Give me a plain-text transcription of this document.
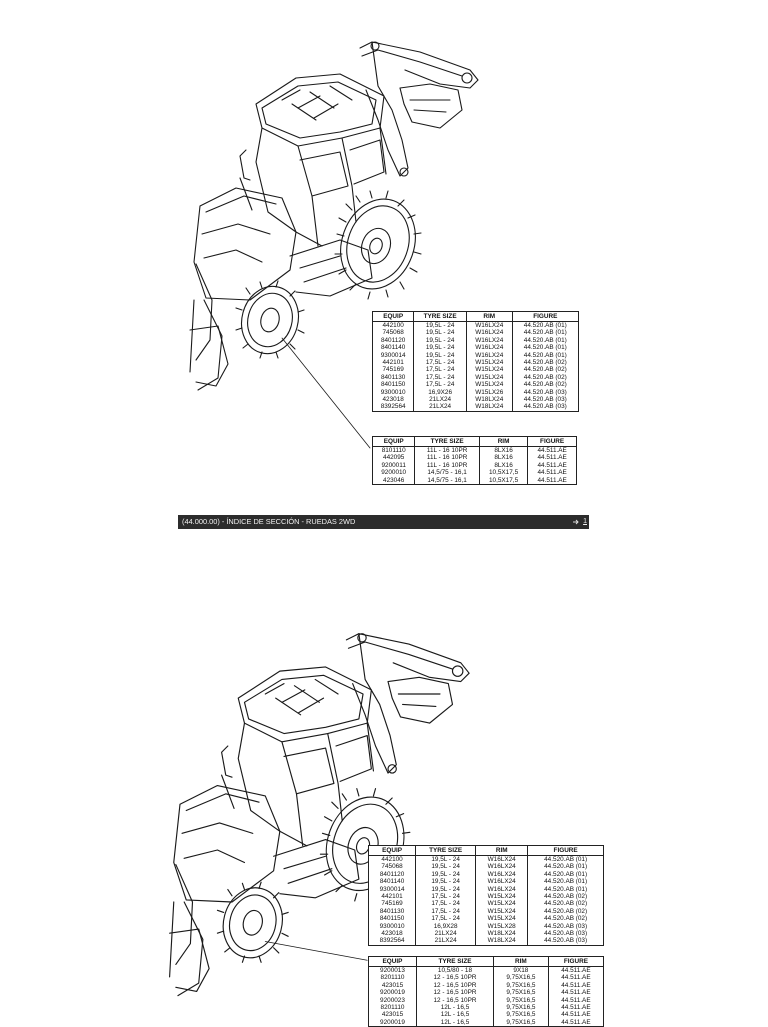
EQUIP	TYRE SIZE	RIM	FIGURE
442100	19,5L - 24	W16LX24	44.520.AB (01)
745068	19,5L - 24	W16LX24	44.520.AB (01)
8401120	19,5L - 24	W16LX24	44.520.AB (01)
8401140	19,5L - 24	W16LX24	44.520.AB (01)
9300014	19,5L - 24	W16LX24	44.520.AB (01)
442101	17,5L - 24	W15LX24	44.520.AB (02)
745169	17,5L - 24	W15LX24	44.520.AB (02)
8401130	17,5L - 24	W15LX24	44.520.AB (02)
8401150	17,5L - 24	W15LX24	44.520.AB (02)
9300010	16,9X26	W15LX26	44.520.AB (03)
423018	21LX24	W18LX24	44.520.AB (03)
8392564	21LX24	W18LX24	44.520.AB (03)
EQUIP	TYRE SIZE	RIM	FIGURE
8101110	11L - 16 10PR	8LX16	44.511.AE
442095	11L - 16 10PR	8LX16	44.511.AE
9200011	11L - 16 10PR	8LX16	44.511.AE
9200010	14,5/75 - 16,1	10,5X17,5	44.511.AE
423046	14,5/75 - 16,1	10,5X17,5	44.511.AE
(44.000.00) - ÍNDICE DE SECCIÓN - RUEDAS 2WD	1
EQUIP	TYRE SIZE	RIM	FIGURE
442100	19,5L - 24	W16LX24	44.520.AB (01)
745068	19,5L - 24	W16LX24	44.520.AB (01)
8401120	19,5L - 24	W16LX24	44.520.AB (01)
8401140	19,5L - 24	W16LX24	44.520.AB (01)
9300014	19,5L - 24	W16LX24	44.520.AB (01)
442101	17,5L - 24	W15LX24	44.520.AB (02)
745169	17,5L - 24	W15LX24	44.520.AB (02)
8401130	17,5L - 24	W15LX24	44.520.AB (02)
8401150	17,5L - 24	W15LX24	44.520.AB (02)
9300010	16,9X28	W15LX28	44.520.AB (03)
423018	21LX24	W18LX24	44.520.AB (03)
8392564	21LX24	W18LX24	44.520.AB (03)
EQUIP	TYRE SIZE	RIM	FIGURE
9200013	10,5/80 - 18	9X18	44.511.AE
8201110	12 - 16,5 10PR	9,75X16,5	44.511.AE
423015	12 - 16,5 10PR	9,75X16,5	44.511.AE
9200019	12 - 16,5 10PR	9,75X16,5	44.511.AE
9200023	12 - 16,5 10PR	9,75X16,5	44.511.AE
8201110	12L - 16,5	9,75X16,5	44.511.AE
423015	12L - 16,5	9,75X16,5	44.511.AE
9200019	12L - 16,5	9,75X16,5	44.511.AE
